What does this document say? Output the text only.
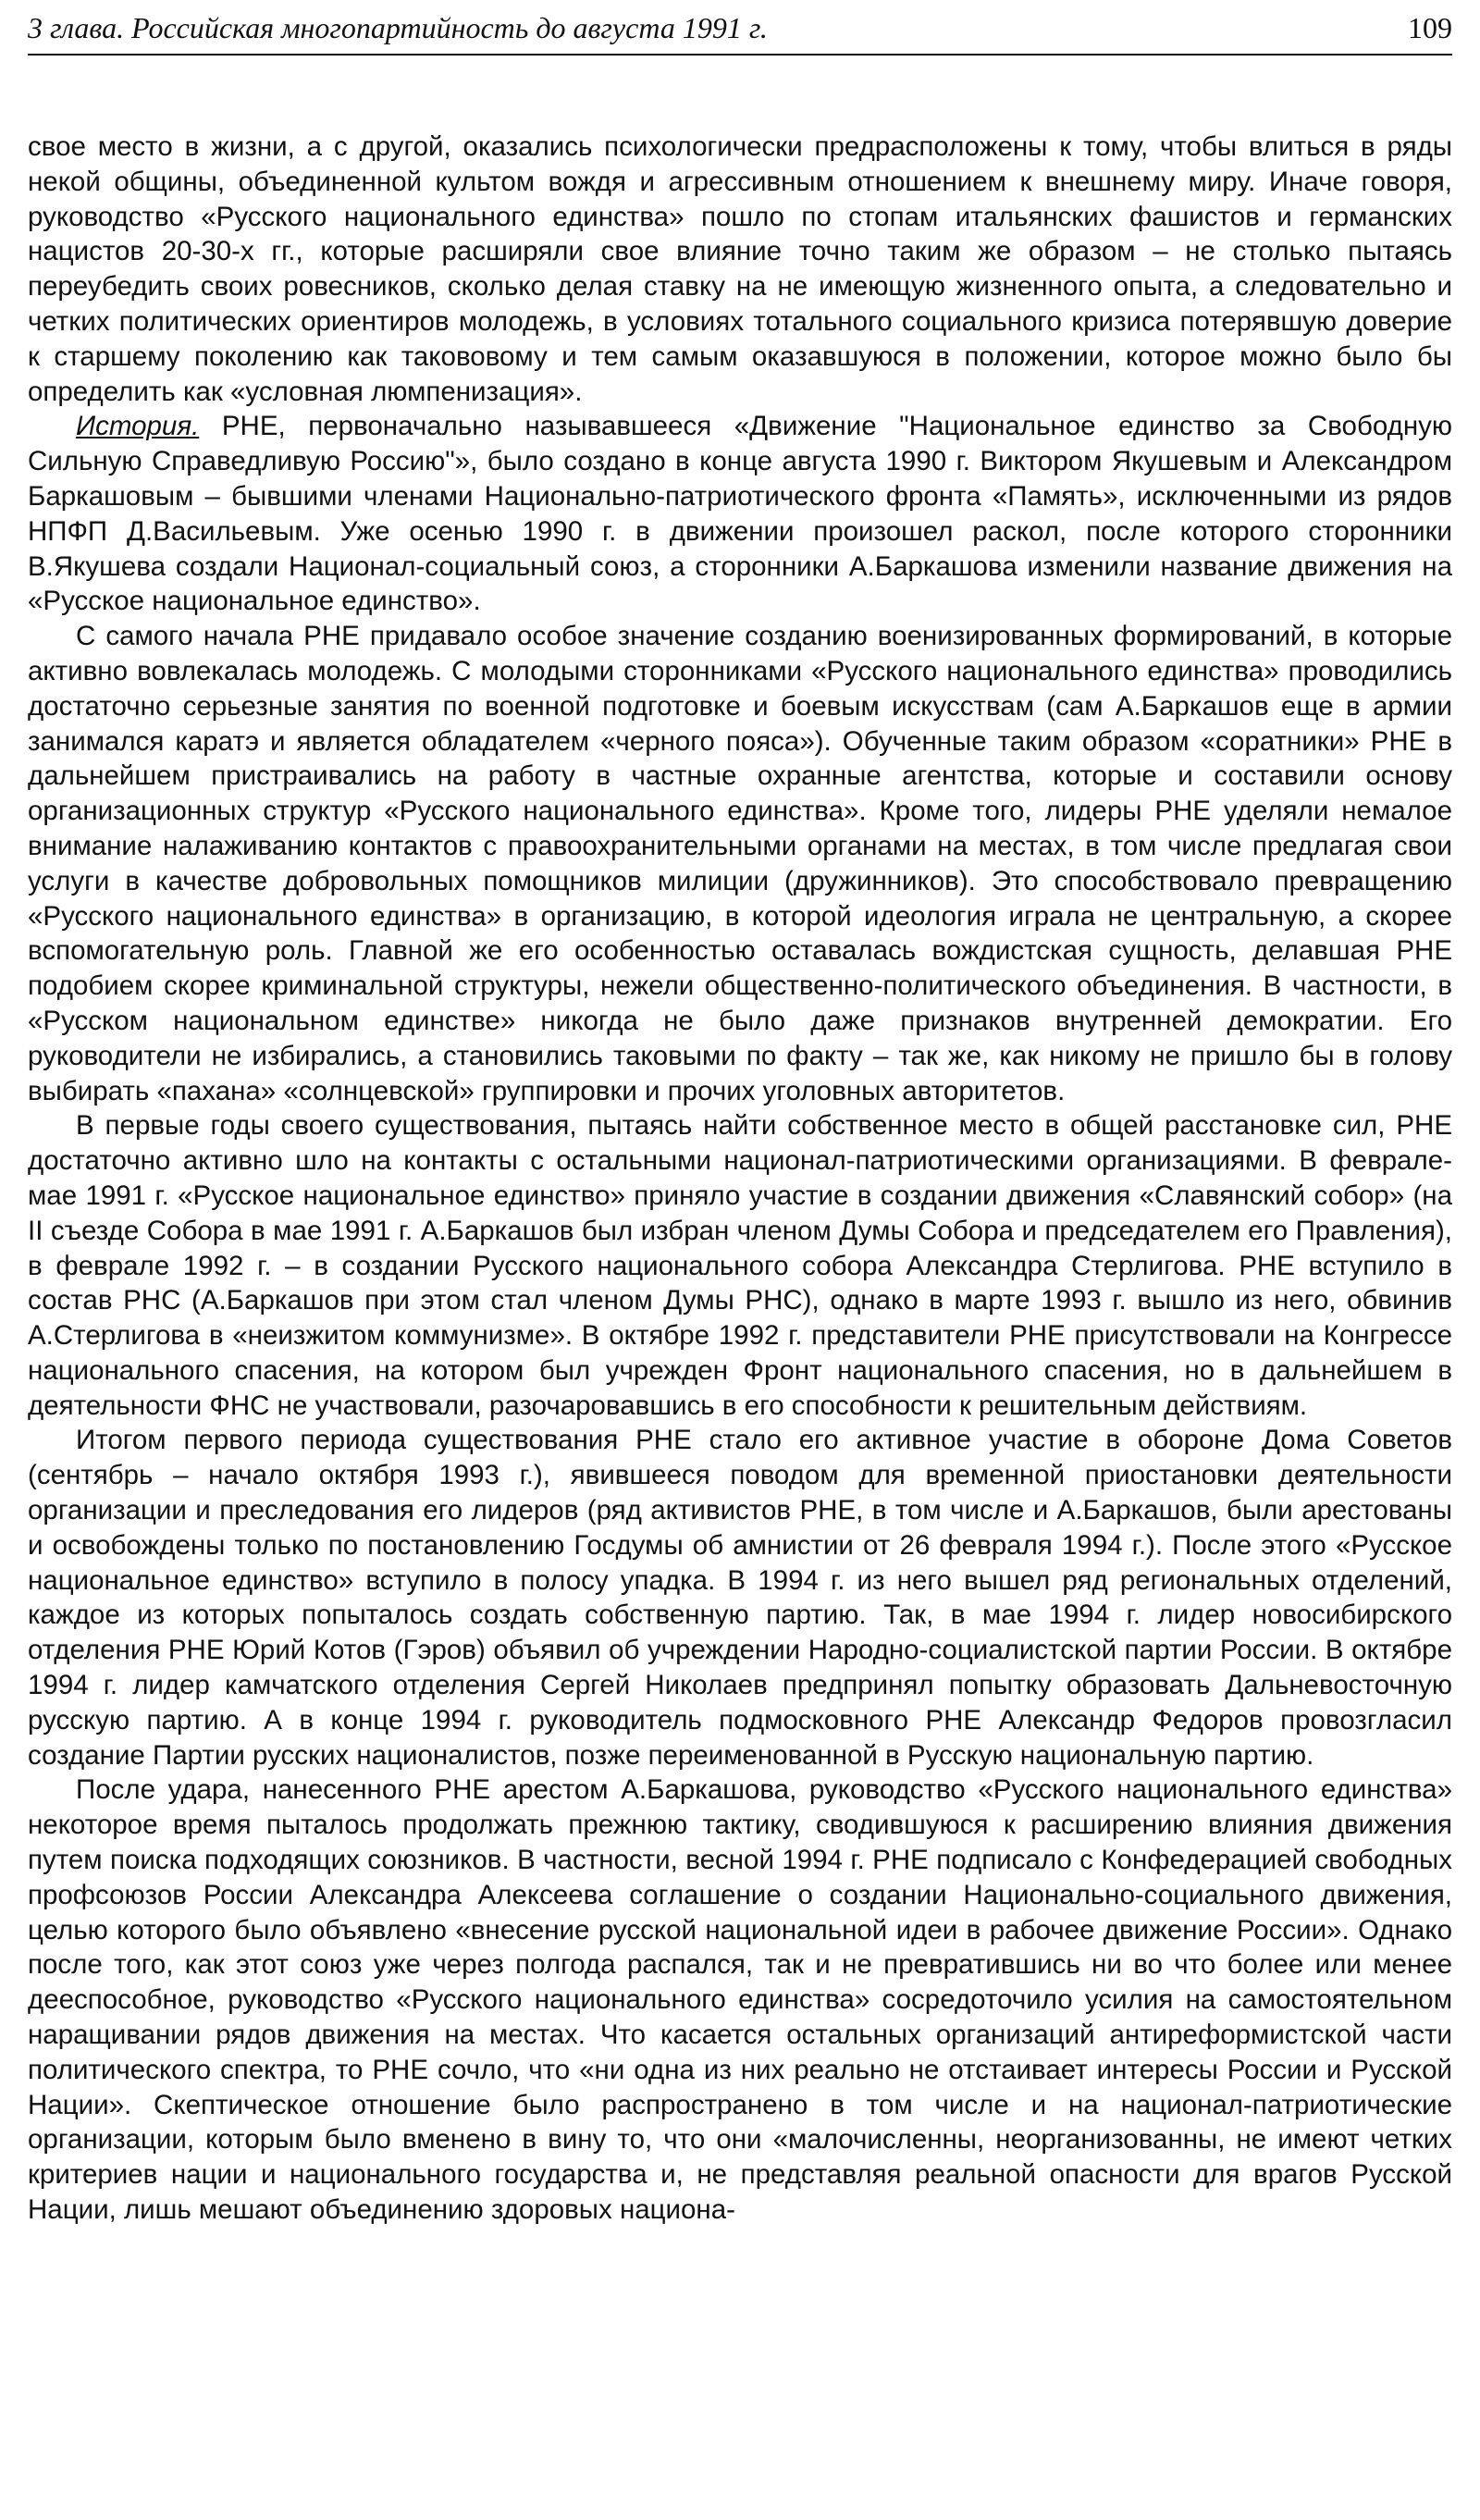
3 глава. Российская многопартийность до августа 1991 г.	109

свое место в жизни, а с другой, оказались психологически предрасположены к тому, чтобы влиться в ряды некой общины, объединенной культом вождя и агрессивным отношением к внешнему миру. Иначе говоря, руководство «Русского национального единства» пошло по стопам итальянских фашистов и германских нацистов 20-30-х гг., которые расширяли свое влияние точно таким же образом – не столько пытаясь переубедить своих ровесников, сколько делая ставку на не имеющую жизненного опыта, а следовательно и четких политических ориентиров молодежь, в условиях тотального социального кризиса потерявшую доверие к старшему поколению как такововому и тем самым оказавшуюся в положении, которое можно было бы определить как «условная люмпенизация».

История. РНЕ, первоначально называвшееся «Движение "Национальное единство за Свободную Сильную Справедливую Россию"», было создано в конце августа 1990 г. Виктором Якушевым и Александром Баркашовым – бывшими членами Национально-патриотического фронта «Память», исключенными из рядов НПФП Д.Васильевым. Уже осенью 1990 г. в движении произошел раскол, после которого сторонники В.Якушева создали Национал-социальный союз, а сторонники А.Баркашова изменили название движения на «Русское национальное единство».

С самого начала РНЕ придавало особое значение созданию военизированных формирований, в которые активно вовлекалась молодежь. С молодыми сторонниками «Русского национального единства» проводились достаточно серьезные занятия по военной подготовке и боевым искусствам (сам А.Баркашов еще в армии занимался каратэ и является обладателем «черного пояса»). Обученные таким образом «соратники» РНЕ в дальнейшем пристраивались на работу в частные охранные агентства, которые и составили основу организационных структур «Русского национального единства». Кроме того, лидеры РНЕ уделяли немалое внимание налаживанию контактов с правоохранительными органами на местах, в том числе предлагая свои услуги в качестве добровольных помощников милиции (дружинников). Это способствовало превращению «Русского национального единства» в организацию, в которой идеология играла не центральную, а скорее вспомогательную роль. Главной же его особенностью оставалась вождистская сущность, делавшая РНЕ подобием скорее криминальной структуры, нежели общественно-политического объединения. В частности, в «Русском национальном единстве» никогда не было даже признаков внутренней демократии. Его руководители не избирались, а становились таковыми по факту – так же, как никому не пришло бы в голову выбирать «пахана» «солнцевской» группировки и прочих уголовных авторитетов.

В первые годы своего существования, пытаясь найти собственное место в общей расстановке сил, РНЕ достаточно активно шло на контакты с остальными национал-патриотическими организациями. В феврале-мае 1991 г. «Русское национальное единство» приняло участие в создании движения «Славянский собор» (на II съезде Собора в мае 1991 г. А.Баркашов был избран членом Думы Собора и председателем его Правления), в феврале 1992 г. – в создании Русского национального собора Александра Стерлигова. РНЕ вступило в состав РНС (А.Баркашов при этом стал членом Думы РНС), однако в марте 1993 г. вышло из него, обвинив А.Стерлигова в «неизжитом коммунизме». В октябре 1992 г. представители РНЕ присутствовали на Конгрессе национального спасения, на котором был учрежден Фронт национального спасения, но в дальнейшем в деятельности ФНС не участвовали, разочаровавшись в его способности к решительным действиям.

Итогом первого периода существования РНЕ стало его активное участие в обороне Дома Советов (сентябрь – начало октября 1993 г.), явившееся поводом для временной приостановки деятельности организации и преследования его лидеров (ряд активистов РНЕ, в том числе и А.Баркашов, были арестованы и освобождены только по постановлению Госдумы об амнистии от 26 февраля 1994 г.). После этого «Русское национальное единство» вступило в полосу упадка. В 1994 г. из него вышел ряд региональных отделений, каждое из которых попыталось создать собственную партию. Так, в мае 1994 г. лидер новосибирского отделения РНЕ Юрий Котов (Гэров) объявил об учреждении Народно-социалистской партии России. В октябре 1994 г. лидер камчатского отделения Сергей Николаев предпринял попытку образовать Дальневосточную русскую партию. А в конце 1994 г. руководитель подмосковного РНЕ Александр Федоров провозгласил создание Партии русских националистов, позже переименованной в Русскую национальную партию.

После удара, нанесенного РНЕ арестом А.Баркашова, руководство «Русского национального единства» некоторое время пыталось продолжать прежнюю тактику, сводившуюся к расширению влияния движения путем поиска подходящих союзников. В частности, весной 1994 г. РНЕ подписало с Конфедерацией свободных профсоюзов России Александра Алексеева соглашение о создании Национально-социального движения, целью которого было объявлено «внесение русской национальной идеи в рабочее движение России». Однако после того, как этот союз уже через полгода распался, так и не превратившись ни во что более или менее дееспособное, руководство «Русского национального единства» сосредоточило усилия на самостоятельном наращивании рядов движения на местах. Что касается остальных организаций антиреформистской части политического спектра, то РНЕ сочло, что «ни одна из них реально не отстаивает интересы России и Русской Нации». Скептическое отношение было распространено в том числе и на национал-патриотические организации, которым было вменено в вину то, что они «малочисленны, неорганизованны, не имеют четких критериев нации и национального государства и, не представляя реальной опасности для врагов Русской Нации, лишь мешают объединению здоровых национа-
